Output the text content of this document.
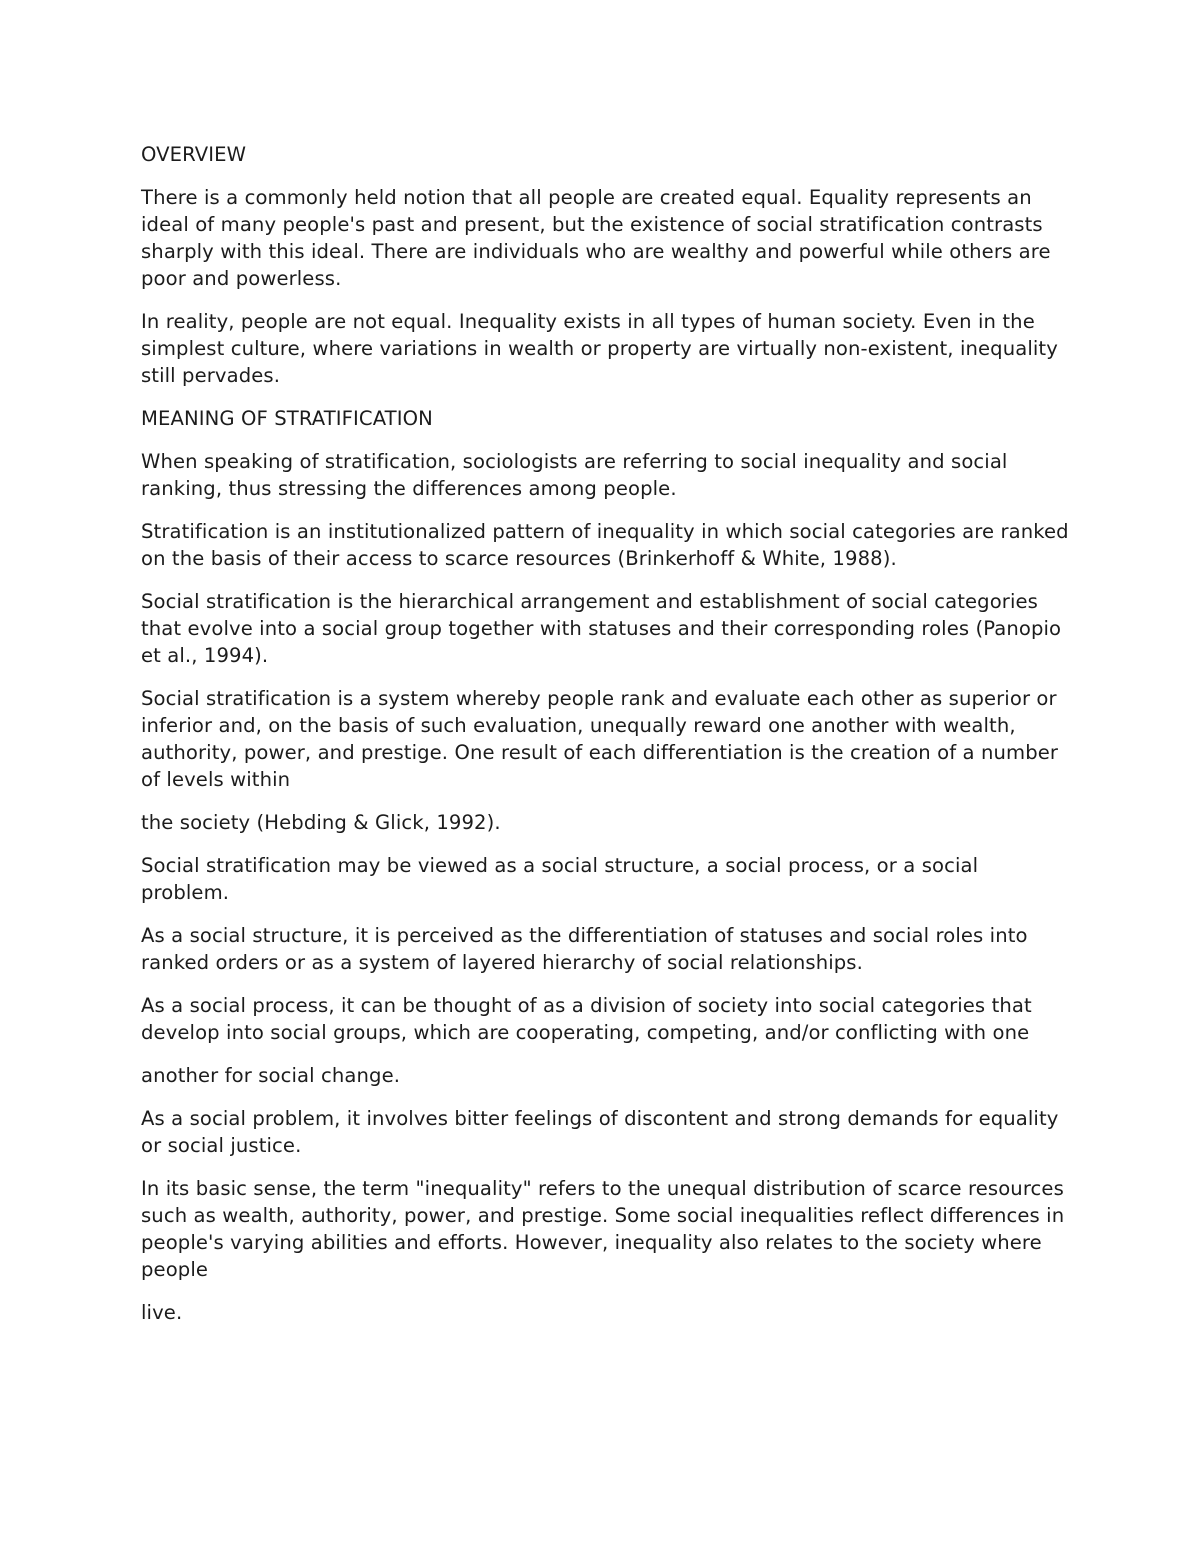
OVERVIEW

There is a commonly held notion that all people are created equal. Equality represents an ideal of many people's past and present, but the existence of social stratification contrasts sharply with this ideal. There are individuals who are wealthy and powerful while others are poor and powerless.

In reality, people are not equal. Inequality exists in all types of human society. Even in the simplest culture, where variations in wealth or property are virtually non-existent, inequality still pervades.

MEANING OF STRATIFICATION

When speaking of stratification, sociologists are referring to social inequality and social ranking, thus stressing the differences among people.

Stratification is an institutionalized pattern of inequality in which social categories are ranked on the basis of their access to scarce resources (Brinkerhoff & White, 1988).

Social stratification is the hierarchical arrangement and establishment of social categories that evolve into a social group together with statuses and their corresponding roles (Panopio et al., 1994).

Social stratification is a system whereby people rank and evaluate each other as superior or inferior and, on the basis of such evaluation, unequally reward one another with wealth, authority, power, and prestige. One result of each differentiation is the creation of a number of levels within

the society (Hebding & Glick, 1992).

Social stratification may be viewed as a social structure, a social process, or a social problem.

As a social structure, it is perceived as the differentiation of statuses and social roles into ranked orders or as a system of layered hierarchy of social relationships.

As a social process, it can be thought of as a division of society into social categories that develop into social groups, which are cooperating, competing, and/or conflicting with one

another for social change.

As a social problem, it involves bitter feelings of discontent and strong demands for equality or social justice.

In its basic sense, the term "inequality" refers to the unequal distribution of scarce resources such as wealth, authority, power, and prestige. Some social inequalities reflect differences in people's varying abilities and efforts. However, inequality also relates to the society where people

live.
